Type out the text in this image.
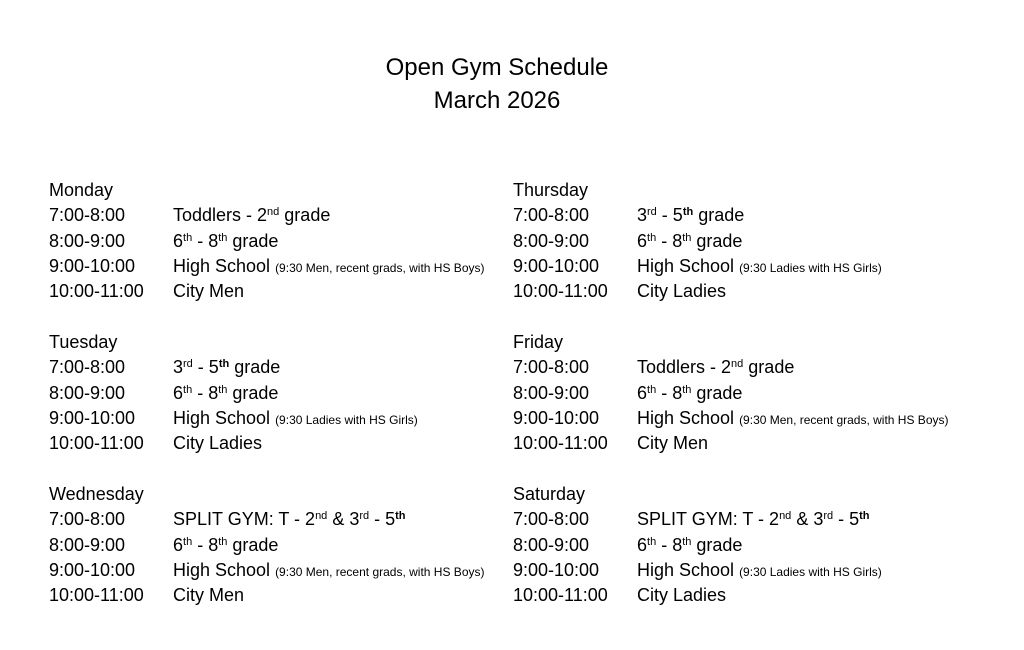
Open Gym Schedule
March 2026
Monday
7:00-8:00	Toddlers - 2nd grade
8:00-9:00	6th - 8th grade
9:00-10:00	High School (9:30 Men, recent grads, with HS Boys)
10:00-11:00	City Men
Tuesday
7:00-8:00	3rd - 5th grade
8:00-9:00	6th - 8th grade
9:00-10:00	High School (9:30 Ladies with HS Girls)
10:00-11:00	City Ladies
Wednesday
7:00-8:00	SPLIT GYM: T - 2nd & 3rd - 5th
8:00-9:00	6th - 8th grade
9:00-10:00	High School (9:30 Men, recent grads, with HS Boys)
10:00-11:00	City Men
Thursday
7:00-8:00	3rd - 5th grade
8:00-9:00	6th - 8th grade
9:00-10:00	High School (9:30 Ladies with HS Girls)
10:00-11:00	City Ladies
Friday
7:00-8:00	Toddlers - 2nd grade
8:00-9:00	6th - 8th grade
9:00-10:00	High School (9:30 Men, recent grads, with HS Boys)
10:00-11:00	City Men
Saturday
7:00-8:00	SPLIT GYM: T - 2nd & 3rd - 5th
8:00-9:00	6th - 8th grade
9:00-10:00	High School (9:30 Ladies with HS Girls)
10:00-11:00	City Ladies
